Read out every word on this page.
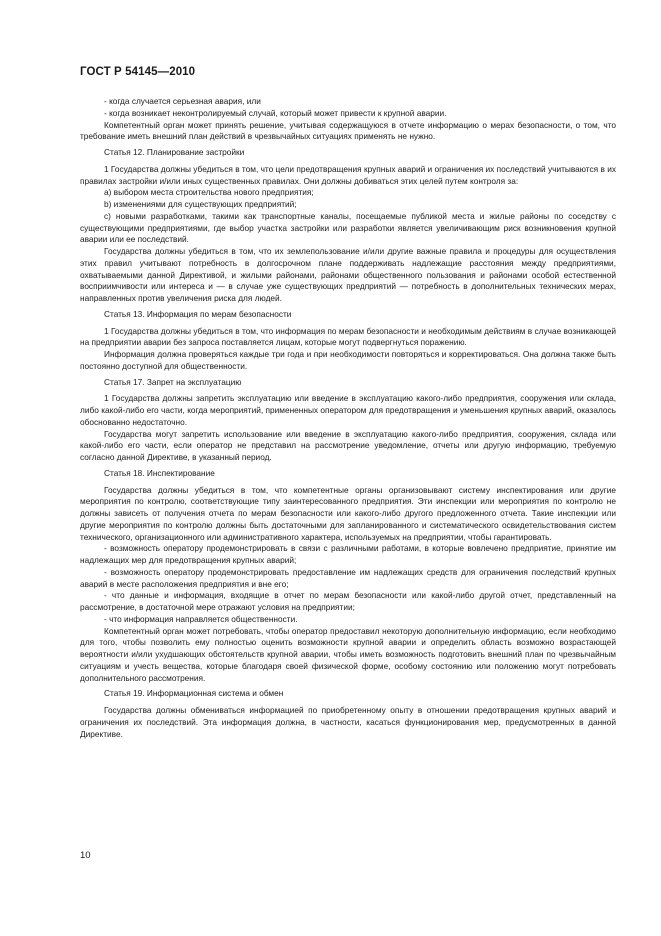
ГОСТ Р 54145—2010

- когда случается серьезная авария, или

- когда возникает неконтролируемый случай, который может привести к крупной аварии.

Компетентный орган может принять решение, учитывая содержащуюся в отчете информацию о мерах безопасности, о том, что требование иметь внешний план действий в чрезвычайных ситуациях применять не нужно.

Статья 12. Планирование застройки

1 Государства должны убедиться в том, что цели предотвращения крупных аварий и ограничения их последствий учитываются в их правилах застройки и/или иных существенных правилах. Они должны добиваться этих целей путем контроля за:

a) выбором места строительства нового предприятия;

b) изменениями для существующих предприятий;

c) новыми разработками, такими как транспортные каналы, посещаемые публикой места и жилые районы по соседству с существующими предприятиями, где выбор участка застройки или разработки является увеличивающим риск возникновения крупной аварии или ее последствий.

Государства должны убедиться в том, что их землепользование и/или другие важные правила и процедуры для осуществления этих правил учитывают потребность в долгосрочном плане поддерживать надлежащие расстояния между предприятиями, охватываемыми данной Директивой, и жилыми районами, районами общественного пользования и районами особой естественной восприимчивости или интереса и — в случае уже существующих предприятий — потребность в дополнительных технических мерах, направленных против увеличения риска для людей.

Статья 13. Информация по мерам безопасности

1 Государства должны убедиться в том, что информация по мерам безопасности и необходимым действиям в случае возникающей на предприятии аварии без запроса поставляется лицам, которые могут подвергнуться поражению.

Информация должна проверяться каждые три года и при необходимости повторяться и корректироваться. Она должна также быть постоянно доступной для общественности.

Статья 17. Запрет на эксплуатацию

1 Государства должны запретить эксплуатацию или введение в эксплуатацию какого-либо предприятия, сооружения или склада, либо какой-либо его части, когда мероприятий, примененных оператором для предотвращения и уменьшения крупных аварий, оказалось обоснованно недостаточно.

Государства могут запретить использование или введение в эксплуатацию какого-либо предприятия, сооружения, склада или какой-либо его части, если оператор не представил на рассмотрение уведомление, отчеты или другую информацию, требуемую согласно данной Директиве, в указанный период.

Статья 18. Инспектирование

Государства должны убедиться в том, что компетентные органы организовывают систему инспектирования или другие мероприятия по контролю, соответствующие типу заинтересованного предприятия. Эти инспекции или мероприятия по контролю не должны зависеть от получения отчета по мерам безопасности или какого-либо другого предложенного отчета. Такие инспекции или другие мероприятия по контролю должны быть достаточными для запланированного и систематического освидетельствования систем технического, организационного или административного характера, используемых на предприятии, чтобы гарантировать.

- возможность оператору продемонстрировать в связи с различными работами, в которые вовлечено предприятие, принятие им надлежащих мер для предотвращения крупных аварий;

- возможность оператору продемонстрировать предоставление им надлежащих средств для ограничения последствий крупных аварий в месте расположения предприятия и вне его;

- что данные и информация, входящие в отчет по мерам безопасности или какой-либо другой отчет, представленный на рассмотрение, в достаточной мере отражают условия на предприятии;

- что информация направляется общественности.

Компетентный орган может потребовать, чтобы оператор предоставил некоторую дополнительную информацию, если необходимо для того, чтобы позволить ему полностью оценить возможности крупной аварии и определить область возможно возрастающей вероятности и/или ухудшающих обстоятельств крупной аварии, чтобы иметь возможность подготовить внешний план по чрезвычайным ситуациям и учесть вещества, которые благодаря своей физической форме, особому состоянию или положению могут потребовать дополнительного рассмотрения.

Статья 19. Информационная система и обмен

Государства должны обмениваться информацией по приобретенному опыту в отношении предотвращения крупных аварий и ограничения их последствий. Эта информация должна, в частности, касаться функционирования мер, предусмотренных в данной Директиве.

10
